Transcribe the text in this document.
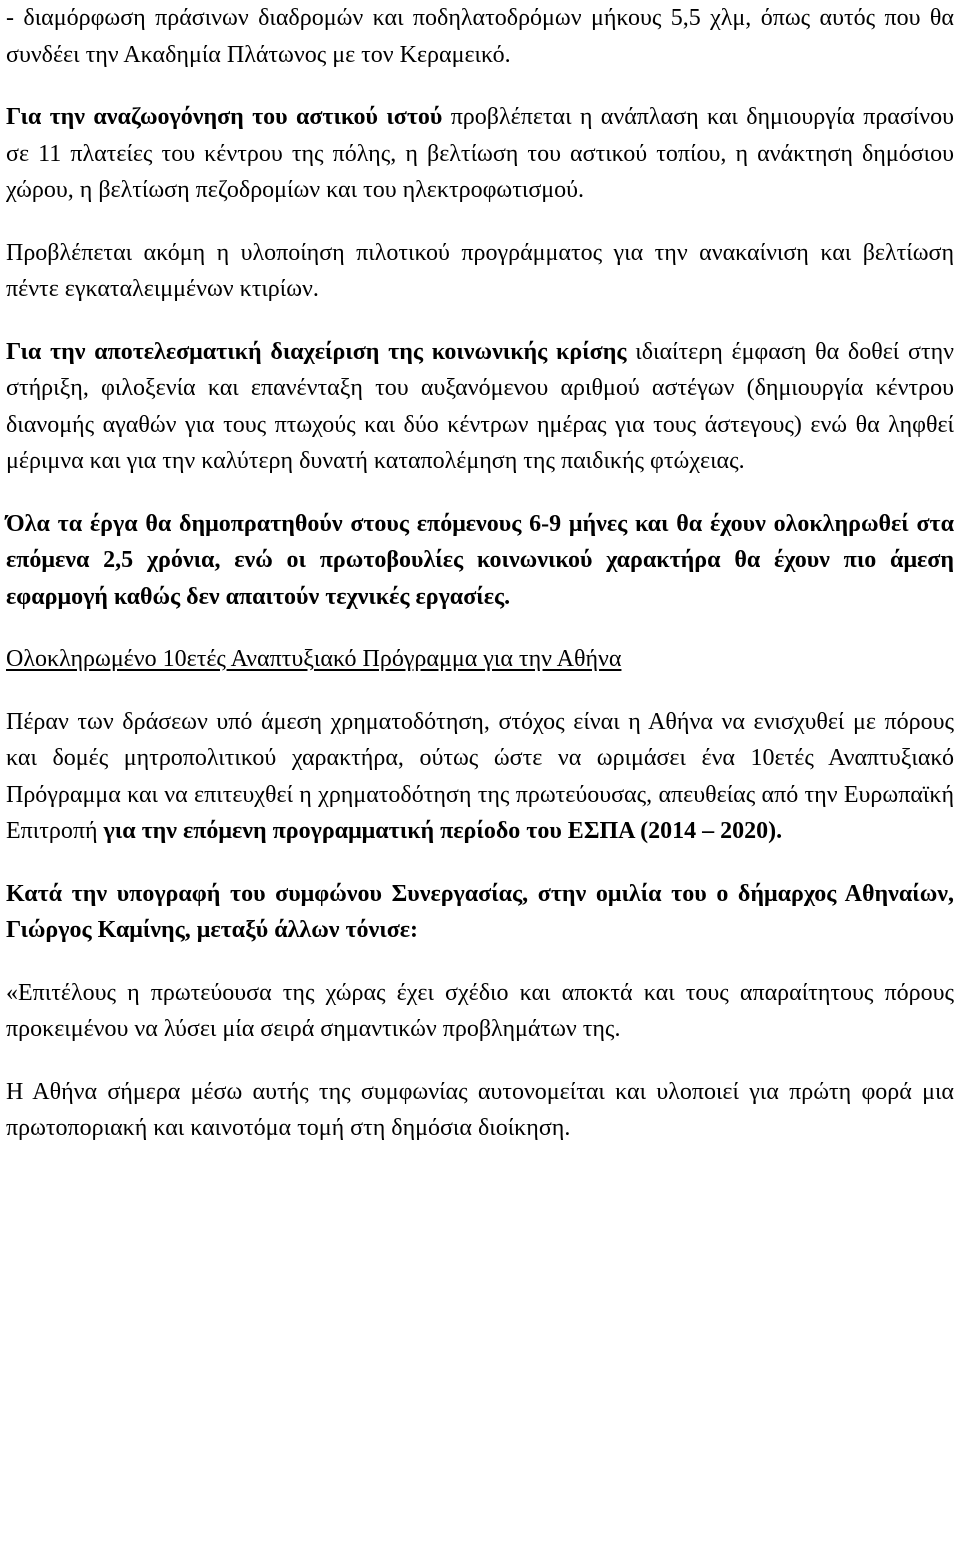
- διαμόρφωση πράσινων διαδρομών και ποδηλατοδρόμων μήκους 5,5 χλμ, όπως αυτός που θα συνδέει την Ακαδημία Πλάτωνος με τον Κεραμεικό.

Για την αναζωογόνηση του αστικού ιστού προβλέπεται η ανάπλαση και δημιουργία πρασίνου σε 11 πλατείες του κέντρου της πόλης, η βελτίωση του αστικού τοπίου, η ανάκτηση δημόσιου χώρου, η βελτίωση πεζοδρομίων και του ηλεκτροφωτισμού.

Προβλέπεται ακόμη η υλοποίηση πιλοτικού προγράμματος για την ανακαίνιση και βελτίωση πέντε εγκαταλειμμένων κτιρίων.

Για την αποτελεσματική διαχείριση της κοινωνικής κρίσης ιδιαίτερη έμφαση θα δοθεί στην στήριξη, φιλοξενία και επανένταξη του αυξανόμενου αριθμού αστέγων (δημιουργία κέντρου διανομής αγαθών για τους πτωχούς και δύο κέντρων ημέρας για τους άστεγους) ενώ θα ληφθεί μέριμνα και για την καλύτερη δυνατή καταπολέμηση της παιδικής φτώχειας.

Όλα τα έργα θα δημοπρατηθούν στους επόμενους 6-9 μήνες και θα έχουν ολοκληρωθεί στα επόμενα 2,5 χρόνια, ενώ οι πρωτοβουλίες κοινωνικού χαρακτήρα θα έχουν πιο άμεση εφαρμογή καθώς δεν απαιτούν τεχνικές εργασίες.

Ολοκληρωμένο 10ετές Αναπτυξιακό Πρόγραμμα για την Αθήνα

Πέραν των δράσεων υπό άμεση χρηματοδότηση, στόχος είναι η Αθήνα να ενισχυθεί με πόρους και δομές μητροπολιτικού χαρακτήρα, ούτως ώστε να ωριμάσει ένα 10ετές Αναπτυξιακό Πρόγραμμα και να επιτευχθεί η χρηματοδότηση της πρωτεύουσας, απευθείας από την Ευρωπαϊκή Επιτροπή για την επόμενη προγραμματική περίοδο του ΕΣΠΑ (2014 – 2020).

Κατά την υπογραφή του συμφώνου Συνεργασίας, στην ομιλία του ο δήμαρχος Αθηναίων, Γιώργος Καμίνης, μεταξύ άλλων τόνισε:

«Επιτέλους η πρωτεύουσα της χώρας έχει σχέδιο και αποκτά και τους απαραίτητους πόρους προκειμένου να λύσει μία σειρά σημαντικών προβλημάτων της.

Η Αθήνα σήμερα μέσω αυτής της συμφωνίας αυτονομείται και υλοποιεί για πρώτη φορά μια πρωτοποριακή και καινοτόμα τομή στη δημόσια διοίκηση.
